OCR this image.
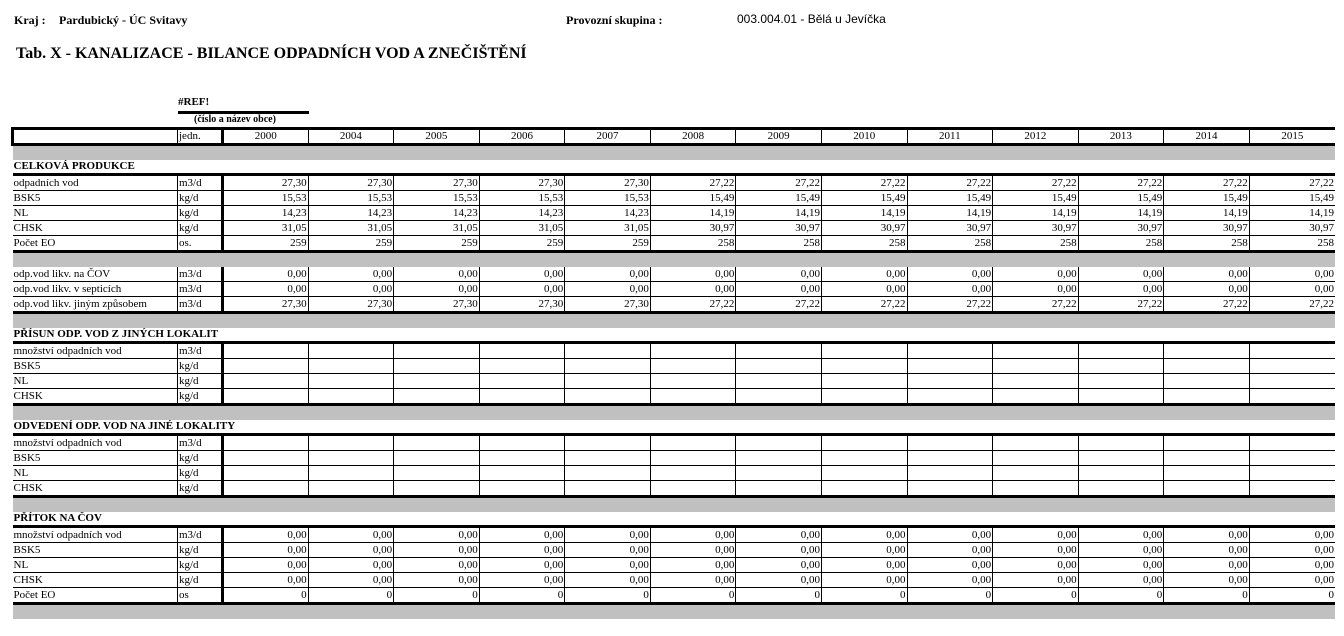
Kraj : Pardubický - ÚC Svitavy	Provozní skupina :	003.004.01 - Bělá u Jevíčka
Tab. X - KANALIZACE - BILANCE ODPADNÍCH VOD A ZNEČIŠTĚNÍ
#REF!
(číslo a název obce)
	jedn.	2000	2004	2005	2006	2007	2008	2009	2010	2011	2012	2013	2014	2015

CELKOVÁ PRODUKCE														
odpadních vod	m3/d	27,30	27,30	27,30	27,30	27,30	27,22	27,22	27,22	27,22	27,22	27,22	27,22	27,22
BSK5	kg/d	15,53	15,53	15,53	15,53	15,53	15,49	15,49	15,49	15,49	15,49	15,49	15,49	15,49
NL	kg/d	14,23	14,23	14,23	14,23	14,23	14,19	14,19	14,19	14,19	14,19	14,19	14,19	14,19
CHSK	kg/d	31,05	31,05	31,05	31,05	31,05	30,97	30,97	30,97	30,97	30,97	30,97	30,97	30,97
Počet EO	os.	259	259	259	259	259	258	258	258	258	258	258	258	258

odp.vod likv. na ČOV	m3/d	0,00	0,00	0,00	0,00	0,00	0,00	0,00	0,00	0,00	0,00	0,00	0,00	0,00
odp.vod likv. v septicích	m3/d	0,00	0,00	0,00	0,00	0,00	0,00	0,00	0,00	0,00	0,00	0,00	0,00	0,00
odp.vod likv. jiným způsobem	m3/d	27,30	27,30	27,30	27,30	27,30	27,22	27,22	27,22	27,22	27,22	27,22	27,22	27,22

PŘÍSUN ODP. VOD Z JINÝCH LOKALIT														
množství odpadních vod	m3/d													
BSK5	kg/d													
NL	kg/d													
CHSK	kg/d													

ODVEDENÍ ODP. VOD NA JINÉ LOKALITY														
množství odpadních vod	m3/d													
BSK5	kg/d													
NL	kg/d													
CHSK	kg/d													

PŘÍTOK NA ČOV														
množství odpadních vod	m3/d	0,00	0,00	0,00	0,00	0,00	0,00	0,00	0,00	0,00	0,00	0,00	0,00	0,00
BSK5	kg/d	0,00	0,00	0,00	0,00	0,00	0,00	0,00	0,00	0,00	0,00	0,00	0,00	0,00
NL	kg/d	0,00	0,00	0,00	0,00	0,00	0,00	0,00	0,00	0,00	0,00	0,00	0,00	0,00
CHSK	kg/d	0,00	0,00	0,00	0,00	0,00	0,00	0,00	0,00	0,00	0,00	0,00	0,00	0,00
Počet EO	os	0	0	0	0	0	0	0	0	0	0	0	0	0
